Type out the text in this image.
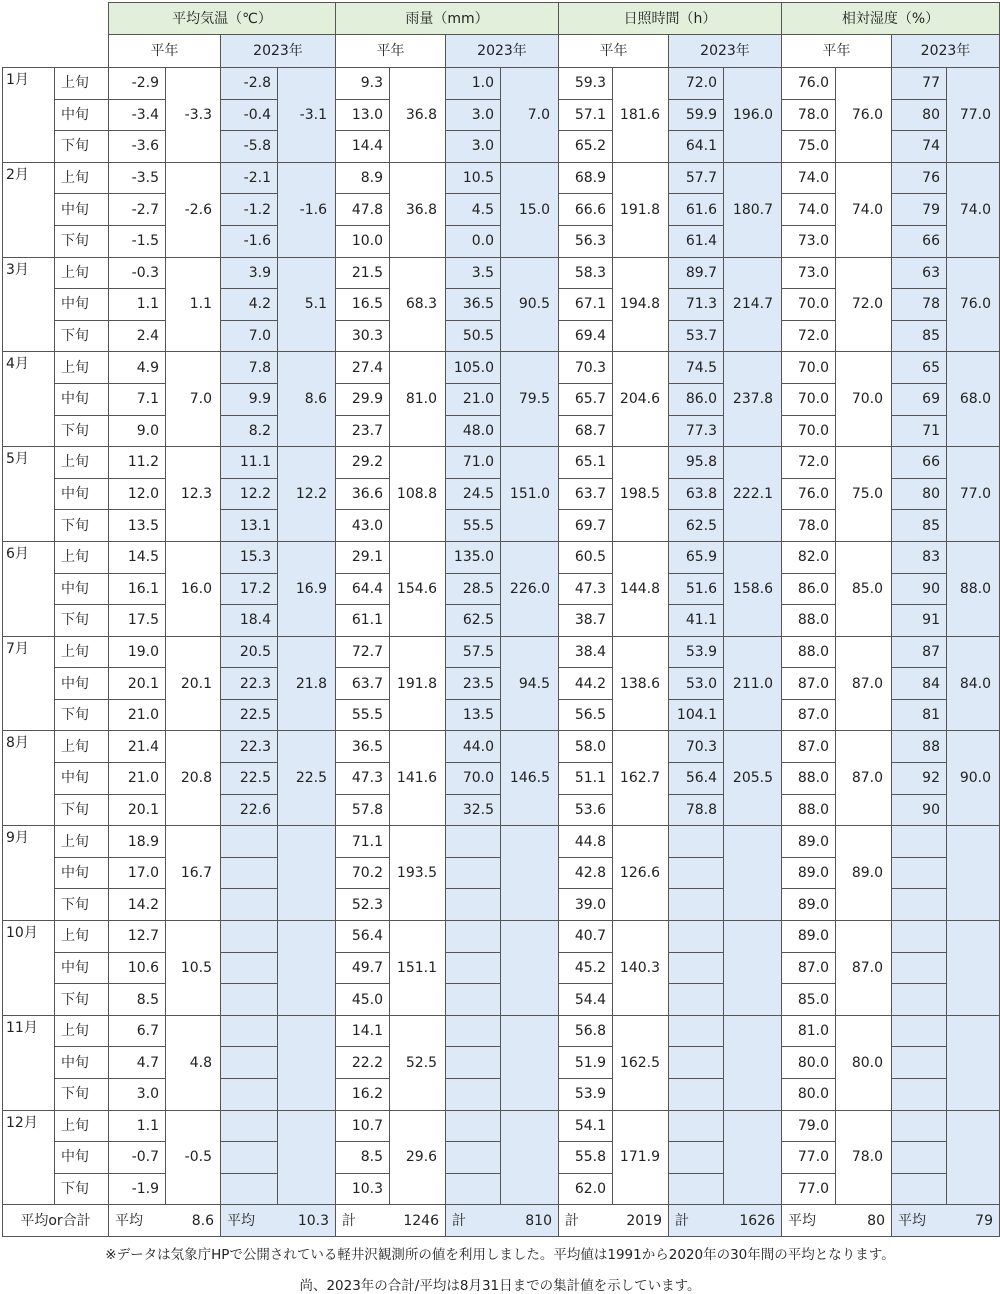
		平均気温（℃）				雨量（mm）				日照時間（h）				相対湿度（%）			
		平年		2023年		平年		2023年		平年		2023年		平年		2023年	
1月	上旬	-2.9	-3.3	-2.8	-3.1	9.3	36.8	1.0	7.0	59.3	181.6	72.0	196.0	76.0	76.0	77	77.0
	中旬	-3.4		-0.4		13.0		3.0		57.1		59.9		78.0		80	
	下旬	-3.6		-5.8		14.4		3.0		65.2		64.1		75.0		74	
2月	上旬	-3.5	-2.6	-2.1	-1.6	8.9	36.8	10.5	15.0	68.9	191.8	57.7	180.7	74.0	74.0	76	74.0
	中旬	-2.7		-1.2		47.8		4.5		66.6		61.6		74.0		79	
	下旬	-1.5		-1.6		10.0		0.0		56.3		61.4		73.0		66	
3月	上旬	-0.3	1.1	3.9	5.1	21.5	68.3	3.5	90.5	58.3	194.8	89.7	214.7	73.0	72.0	63	76.0
	中旬	1.1		4.2		16.5		36.5		67.1		71.3		70.0		78	
	下旬	2.4		7.0		30.3		50.5		69.4		53.7		72.0		85	
4月	上旬	4.9	7.0	7.8	8.6	27.4	81.0	105.0	79.5	70.3	204.6	74.5	237.8	70.0	70.0	65	68.0
	中旬	7.1		9.9		29.9		21.0		65.7		86.0		70.0		69	
	下旬	9.0		8.2		23.7		48.0		68.7		77.3		70.0		71	
5月	上旬	11.2	12.3	11.1	12.2	29.2	108.8	71.0	151.0	65.1	198.5	95.8	222.1	72.0	75.0	66	77.0
	中旬	12.0		12.2		36.6		24.5		63.7		63.8		76.0		80	
	下旬	13.5		13.1		43.0		55.5		69.7		62.5		78.0		85	
6月	上旬	14.5	16.0	15.3	16.9	29.1	154.6	135.0	226.0	60.5	144.8	65.9	158.6	82.0	85.0	83	88.0
	中旬	16.1		17.2		64.4		28.5		47.3		51.6		86.0		90	
	下旬	17.5		18.4		61.1		62.5		38.7		41.1		88.0		91	
7月	上旬	19.0	20.1	20.5	21.8	72.7	191.8	57.5	94.5	38.4	138.6	53.9	211.0	88.0	87.0	87	84.0
	中旬	20.1		22.3		63.7		23.5		44.2		53.0		87.0		84	
	下旬	21.0		22.5		55.5		13.5		56.5		104.1		87.0		81	
8月	上旬	21.4	20.8	22.3	22.5	36.5	141.6	44.0	146.5	58.0	162.7	70.3	205.5	87.0	87.0	88	90.0
	中旬	21.0		22.5		47.3		70.0		51.1		56.4		88.0		92	
	下旬	20.1		22.6		57.8		32.5		53.6		78.8		88.0		90	
9月	上旬	18.9	16.7			71.1	193.5			44.8	126.6			89.0	89.0		
	中旬	17.0				70.2				42.8				89.0			
	下旬	14.2				52.3				39.0				89.0			
10月	上旬	12.7	10.5			56.4	151.1			40.7	140.3			89.0	87.0		
	中旬	10.6				49.7				45.2				87.0			
	下旬	8.5				45.0				54.4				85.0			
11月	上旬	6.7	4.8			14.1	52.5			56.8	162.5			81.0	80.0		
	中旬	4.7				22.2				51.9				80.0			
	下旬	3.0				16.2				53.9				80.0			
12月	上旬	1.1	-0.5			10.7	29.6			54.1	171.9			79.0	78.0		
	中旬	-0.7				8.5				55.8				77.0			
	下旬	-1.9				10.3				62.0				77.0			
平均or合計		平均 8.6		平均 10.3		計 1246		計 810		計 2019		計 1626		平均 80		平均 79	
※データは気象庁HPで公開されている軽井沢観測所の値を利用しました。平均値は1991から2020年の30年間の平均となります。
尚、2023年の合計/平均は8月31日までの集計値を示しています。
